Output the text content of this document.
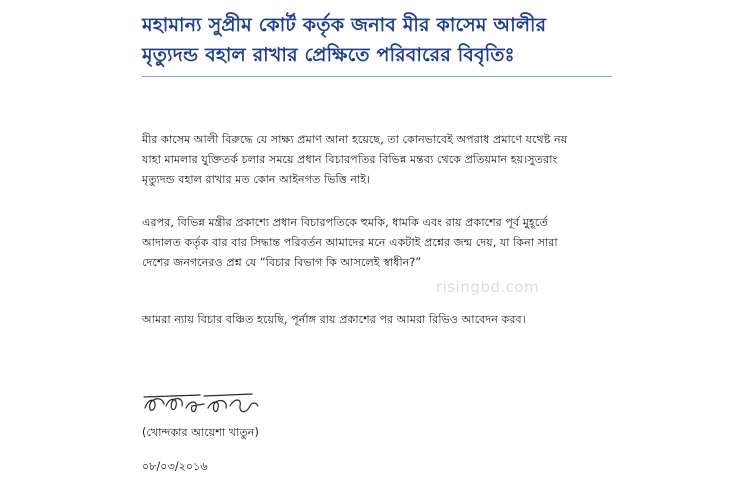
মহামান্য সুপ্রীম কোর্ট কর্তৃক জনাব মীর কাসেম আলীর
মৃত্যুদন্ড বহাল রাখার প্রেক্ষিতে পরিবারের বিবৃতিঃ

মীর কাসেম আলী বিরুদ্ধে যে সাক্ষ্য প্রমাণ আনা হয়েছে, তা কোনভাবেই অপরাধ প্রমাণে যথেষ্ট নয়
যাহা মামলার যুক্তিতর্ক চলার সময়ে প্রধান বিচারপতির বিভিন্ন মন্তব্য থেকে প্রতিয়মান হয়।সুতরাং
মৃত্যুদন্ড বহাল রাখার মত কোন আইনগত ভিত্তি নাই।

এরপর, বিভিন্ন মন্ত্রীর প্রকাশ্যে প্রধান বিচারপতিকে হুমকি, ধামকি এবং রায় প্রকাশের পূর্ব মুহূর্তে
আদালত কর্তৃক বার বার সিদ্ধান্ত পরিবর্তন আমাদের মনে একটাই প্রশ্নের জন্ম দেয়, যা কিনা সারা
দেশের জনগনেরও প্রশ্ন যে “বিচার বিভাগ কি আসলেই স্বাধীন?”

risingbd.com

আমরা ন্যায় বিচার বঞ্চিত হয়েছি, পূর্নাঙ্গ রায় প্রকাশের পর আমরা রিভিও আবেদন করব।

(খোন্দকার আয়েশা খাতুন)

০৮/০৩/২০১৬
